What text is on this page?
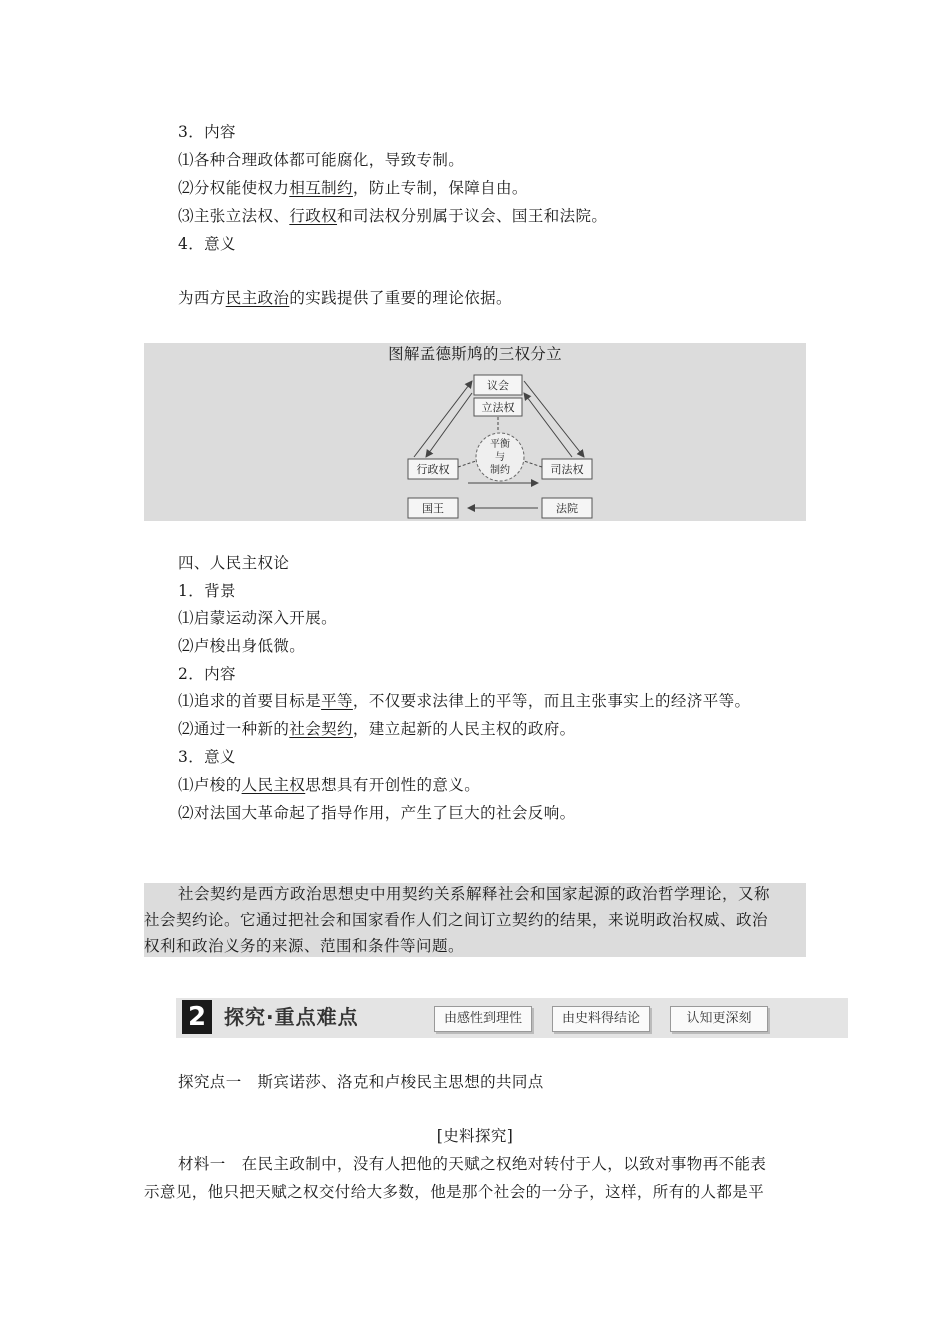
3．内容
⑴各种合理政体都可能腐化，导致专制。
⑵分权能使权力相互制约，防止专制，保障自由。
⑶主张立法权、行政权和司法权分别属于议会、国王和法院。
4．意义
为西方民主政治的实践提供了重要的理论依据。
图解孟德斯鸠的三权分立
议会
立法权
行政权	司法权
平衡
与
制约
国王	法院
四、人民主权论
1．背景
⑴启蒙运动深入开展。
⑵卢梭出身低微。
2．内容
⑴追求的首要目标是平等，不仅要求法律上的平等，而且主张事实上的经济平等。
⑵通过一种新的社会契约，建立起新的人民主权的政府。
3．意义
⑴卢梭的人民主权思想具有开创性的意义。
⑵对法国大革命起了指导作用，产生了巨大的社会反响。
社会契约是西方政治思想史中用契约关系解释社会和国家起源的政治哲学理论，又称
社会契约论。它通过把社会和国家看作人们之间订立契约的结果，来说明政治权威、政治
权利和政治义务的来源、范围和条件等问题。
2 探究·重点难点	由感性到理性	由史料得结论	认知更深刻
探究点一　斯宾诺莎、洛克和卢梭民主思想的共同点
[史料探究]
材料一　在民主政制中，没有人把他的天赋之权绝对转付于人，以致对事物再不能表
示意见，他只把天赋之权交付给大多数，他是那个社会的一分子，这样，所有的人都是平
